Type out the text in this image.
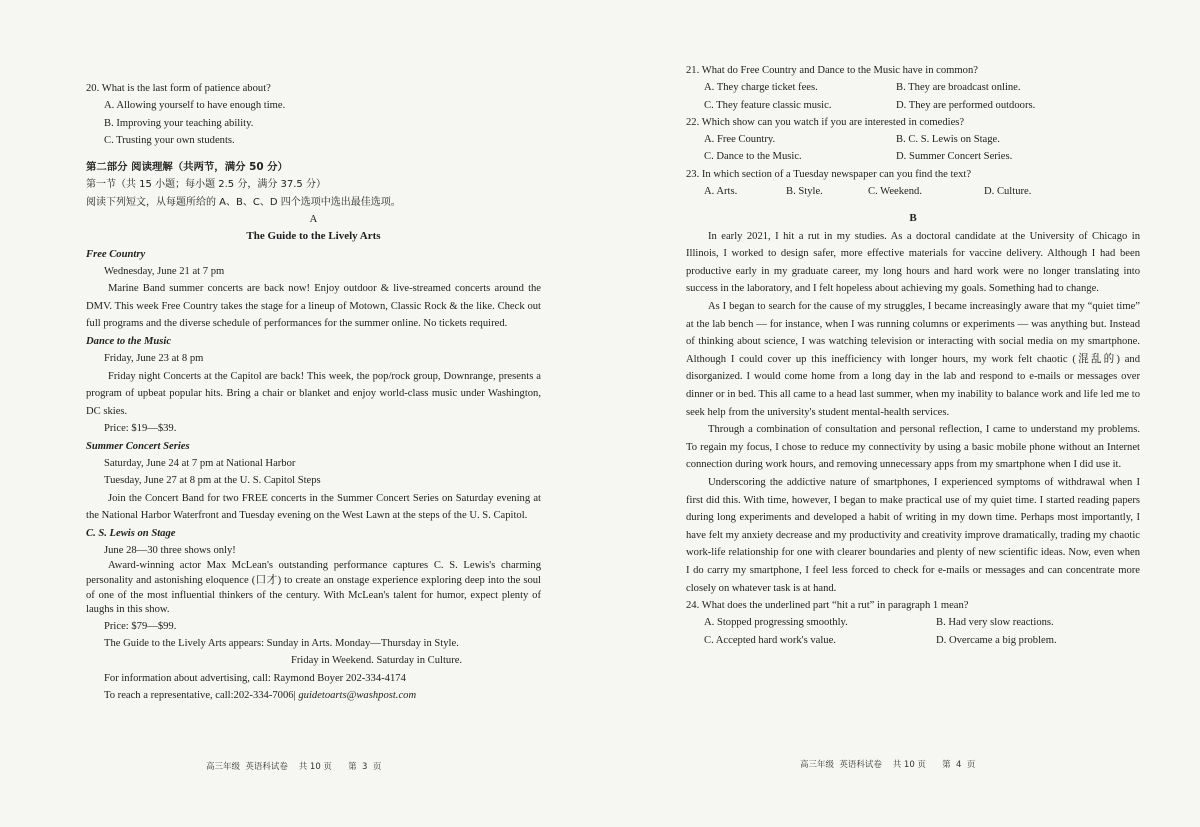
20. What is the last form of patience about?
A. Allowing yourself to have enough time.
B. Improving your teaching ability.
C. Trusting your own students.
第二部分 阅读理解（共两节，满分 50 分）
第一节（共 15 小题；每小题 2.5 分，满分 37.5 分）
阅读下列短文，从每题所给的 A、B、C、D 四个选项中选出最佳选项。
A
The Guide to the Lively Arts
Free Country
Wednesday, June 21 at 7 pm
Marine Band summer concerts are back now! Enjoy outdoor & live-streamed concerts around the DMV. This week Free Country takes the stage for a lineup of Motown, Classic Rock & the like. Check out full programs and the diverse schedule of performances for the summer online. No tickets required.
Dance to the Music
Friday, June 23 at 8 pm
Friday night Concerts at the Capitol are back! This week, the pop/rock group, Downrange, presents a program of upbeat popular hits. Bring a chair or blanket and enjoy world-class music under Washington, DC skies.
Price: $19—$39.
Summer Concert Series
Saturday, June 24 at 7 pm at National Harbor
Tuesday, June 27 at 8 pm at the U. S. Capitol Steps
Join the Concert Band for two FREE concerts in the Summer Concert Series on Saturday evening at the National Harbor Waterfront and Tuesday evening on the West Lawn at the steps of the U. S. Capitol.
C. S. Lewis on Stage
June 28—30 three shows only!
Award-winning actor Max McLean's outstanding performance captures C. S. Lewis's charming personality and astonishing eloquence (口才) to create an onstage experience exploring deep into the soul of one of the most influential thinkers of the century. With McLean's talent for humor, expect plenty of laughs in this show.
Price: $79—$99.
The Guide to the Lively Arts appears: Sunday in Arts. Monday—Thursday in Style.
Friday in Weekend. Saturday in Culture.
For information about advertising, call: Raymond Boyer 202-334-4174
To reach a representative, call:202-334-7006| guidetoarts@washpost.com
高三年级  英语科试卷    共 10 页      第  3  页
21. What do Free Country and Dance to the Music have in common?
A. They charge ticket fees.	B. They are broadcast online.
C. They feature classic music.	D. They are performed outdoors.
22. Which show can you watch if you are interested in comedies?
A. Free Country.	B. C. S. Lewis on Stage.
C. Dance to the Music.	D. Summer Concert Series.
23. In which section of a Tuesday newspaper can you find the text?
A. Arts.	B. Style.	C. Weekend.	D. Culture.
B

In early 2021, I hit a rut in my studies. As a doctoral candidate at the University of Chicago in Illinois, I worked to design safer, more effective materials for vaccine delivery. Although I had been productive early in my graduate career, my long hours and hard work were no longer translating into success in the laboratory, and I felt hopeless about achieving my goals. Something had to change.

As I began to search for the cause of my struggles, I became increasingly aware that my “quiet time” at the lab bench — for instance, when I was running columns or experiments — was anything but. Instead of thinking about science, I was watching television or interacting with social media on my smartphone. Although I could cover up this inefficiency with longer hours, my work felt chaotic (混乱的) and disorganized. I would come home from a long day in the lab and respond to e-mails or messages over dinner or in bed. This all came to a head last summer, when my inability to balance work and life led me to seek help from the university's student mental-health services.

Through a combination of consultation and personal reflection, I came to understand my problems. To regain my focus, I chose to reduce my connectivity by using a basic mobile phone without an Internet connection during work hours, and removing unnecessary apps from my smartphone when I did use it.

Underscoring the addictive nature of smartphones, I experienced symptoms of withdrawal when I first did this. With time, however, I began to make practical use of my quiet time. I started reading papers during long experiments and developed a habit of writing in my down time. Perhaps most importantly, I have felt my anxiety decrease and my productivity and creativity improve dramatically, trading my chaotic work-life relationship for one with clearer boundaries and plenty of new scientific ideas. Now, even when I do carry my smartphone, I feel less forced to check for e-mails or messages and can concentrate more closely on whatever task is at hand.

24. What does the underlined part “hit a rut” in paragraph 1 mean?
A. Stopped progressing smoothly.	B. Had very slow reactions.
C. Accepted hard work's value.	D. Overcame a big problem.
高三年级  英语科试卷    共 10 页      第  4  页
